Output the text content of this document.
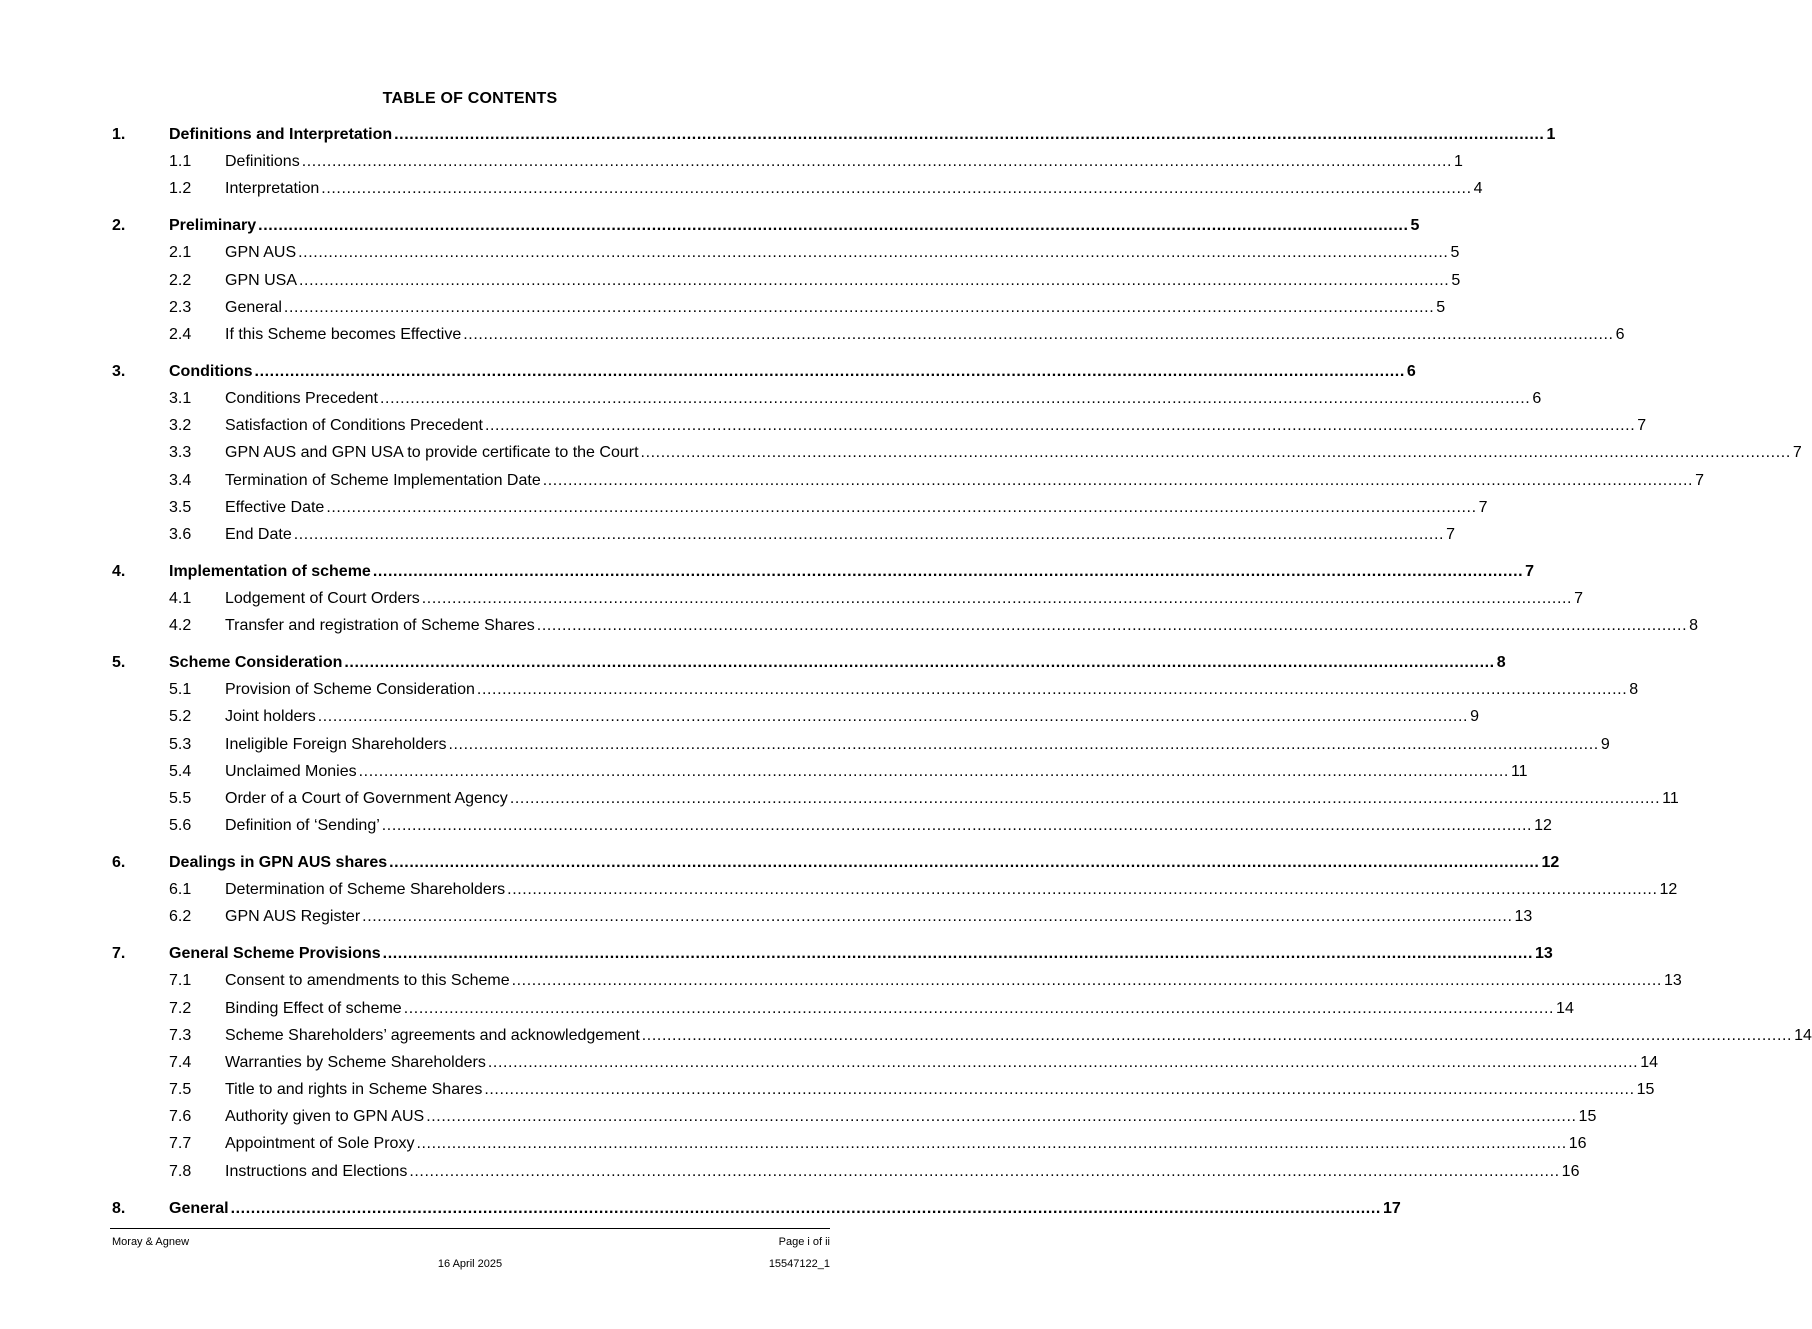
TABLE OF CONTENTS
1.	Definitions and Interpretation .....	1
1.1	Definitions .....	1
1.2	Interpretation .....	4
2.	Preliminary .....	5
2.1	GPN AUS .....	5
2.2	GPN USA .....	5
2.3	General .....	5
2.4	If this Scheme becomes Effective .....	6
3.	Conditions .....	6
3.1	Conditions Precedent .....	6
3.2	Satisfaction of Conditions Precedent .....	7
3.3	GPN AUS and GPN USA to provide certificate to the Court .....	7
3.4	Termination of Scheme Implementation Date .....	7
3.5	Effective Date .....	7
3.6	End Date .....	7
4.	Implementation of scheme .....	7
4.1	Lodgement of Court Orders .....	7
4.2	Transfer and registration of Scheme Shares .....	8
5.	Scheme Consideration .....	8
5.1	Provision of Scheme Consideration .....	8
5.2	Joint holders .....	9
5.3	Ineligible Foreign Shareholders .....	9
5.4	Unclaimed Monies .....	11
5.5	Order of a Court of Government Agency .....	11
5.6	Definition of ‘Sending’ .....	12
6.	Dealings in GPN AUS shares .....	12
6.1	Determination of Scheme Shareholders .....	12
6.2	GPN AUS Register .....	13
7.	General Scheme Provisions .....	13
7.1	Consent to amendments to this Scheme .....	13
7.2	Binding Effect of scheme .....	14
7.3	Scheme Shareholders’ agreements and acknowledgement .....	14
7.4	Warranties by Scheme Shareholders .....	14
7.5	Title to and rights in Scheme Shares .....	15
7.6	Authority given to GPN AUS .....	15
7.7	Appointment of Sole Proxy .....	16
7.8	Instructions and Elections .....	16
8.	General .....	17
Moray & Agnew	Page i of ii
16 April 2025	15547122_1
